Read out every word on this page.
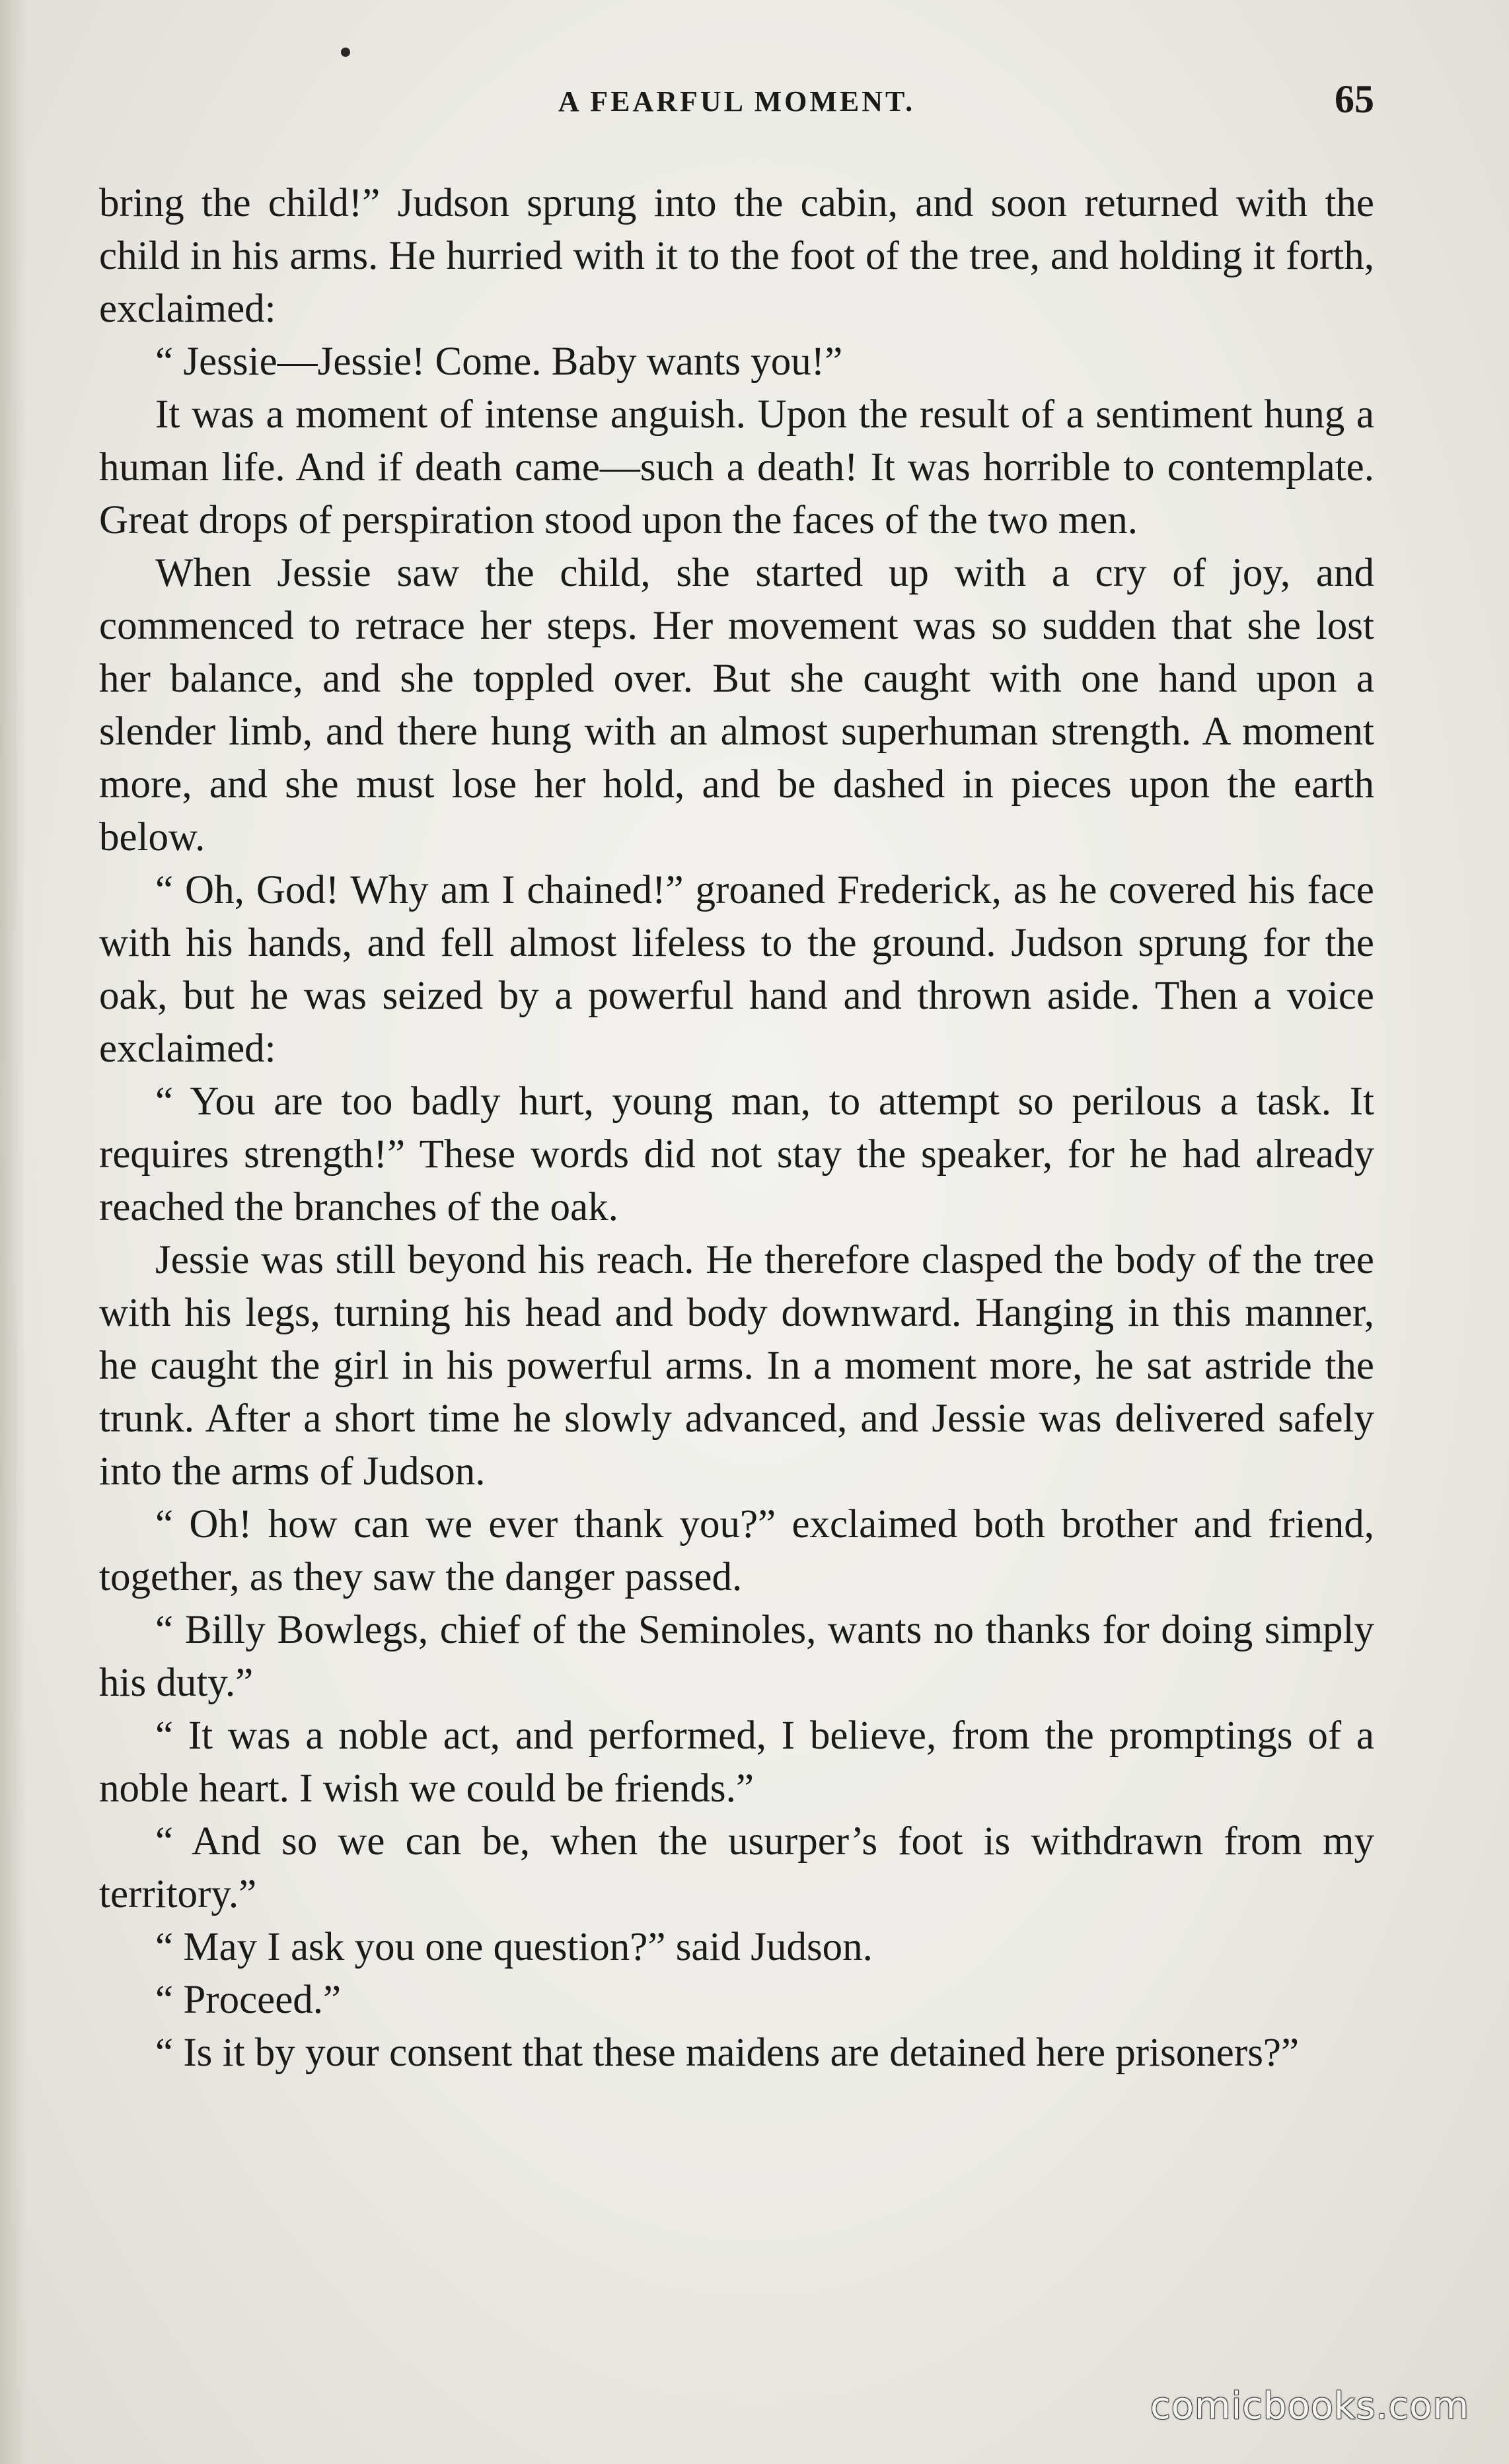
A FEARFUL MOMENT.	65

bring the child!” Judson sprung into the cabin, and soon returned with the child in his arms. He hurried with it to the foot of the tree, and holding it forth, exclaimed:

“ Jessie—Jessie! Come. Baby wants you!”

It was a moment of intense anguish. Upon the result of a sentiment hung a human life. And if death came—such a death! It was horrible to contemplate. Great drops of perspiration stood upon the faces of the two men.

When Jessie saw the child, she started up with a cry of joy, and commenced to retrace her steps. Her movement was so sudden that she lost her balance, and she toppled over. But she caught with one hand upon a slender limb, and there hung with an almost superhuman strength. A moment more, and she must lose her hold, and be dashed in pieces upon the earth below.

“ Oh, God! Why am I chained!” groaned Frederick, as he covered his face with his hands, and fell almost lifeless to the ground. Judson sprung for the oak, but he was seized by a powerful hand and thrown aside. Then a voice exclaimed:

“ You are too badly hurt, young man, to attempt so perilous a task. It requires strength!” These words did not stay the speaker, for he had already reached the branches of the oak.

Jessie was still beyond his reach. He therefore clasped the body of the tree with his legs, turning his head and body downward. Hanging in this manner, he caught the girl in his powerful arms. In a moment more, he sat astride the trunk. After a short time he slowly advanced, and Jessie was delivered safely into the arms of Judson.

“ Oh! how can we ever thank you?” exclaimed both brother and friend, together, as they saw the danger passed.

“ Billy Bowlegs, chief of the Seminoles, wants no thanks for doing simply his duty.”

“ It was a noble act, and performed, I believe, from the promptings of a noble heart. I wish we could be friends.”

“ And so we can be, when the usurper’s foot is withdrawn from my territory.”

“ May I ask you one question?” said Judson.

“ Proceed.”

“ Is it by your consent that these maidens are detained here prisoners?”

comicbooks.com
